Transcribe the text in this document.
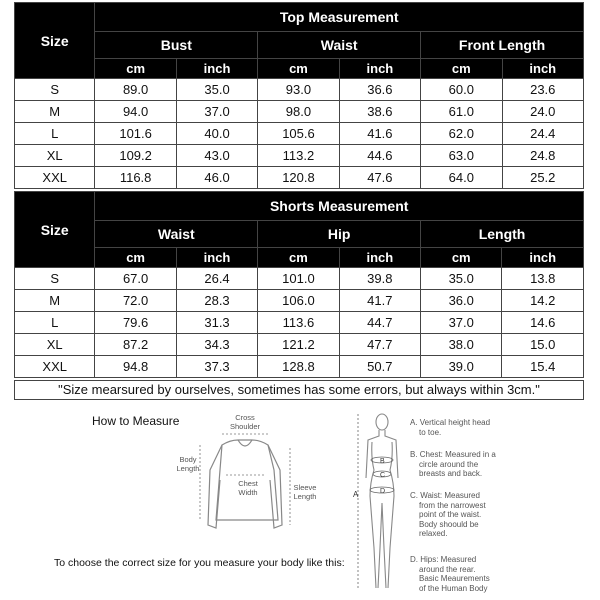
Size	Top Measurement					
	Bust		Waist		Front Length	
	cm	inch	cm	inch	cm	inch
S	89.0	35.0	93.0	36.6	60.0	23.6
M	94.0	37.0	98.0	38.6	61.0	24.0
L	101.6	40.0	105.6	41.6	62.0	24.4
XL	109.2	43.0	113.2	44.6	63.0	24.8
XXL	116.8	46.0	120.8	47.6	64.0	25.2
Size	Shorts Measurement					
	Waist		Hip		Length	
	cm	inch	cm	inch	cm	inch
S	67.0	26.4	101.0	39.8	35.0	13.8
M	72.0	28.3	106.0	41.7	36.0	14.2
L	79.6	31.3	113.6	44.7	37.0	14.6
XL	87.2	34.3	121.2	47.7	38.0	15.0
XXL	94.8	37.3	128.8	50.7	39.0	15.4
"Size mearsured by ourselves, sometimes has some errors, but always within 3cm."
How to Measure	Cross
Shoulder
Body
Length
Chest
Width
Sleeve
Length
To choose the correct size for you measure your body like this:
A
B
C
D
A. Vertical height head
to toe.
B. Chest: Measured in a
circle around the
breasts and back.
C. Waist: Measured
from the narrowest
point of the waist.
Body shoould be
relaxed.
D. Hips: Measured
around the rear.
Basic Meaurements
of the Human Body
